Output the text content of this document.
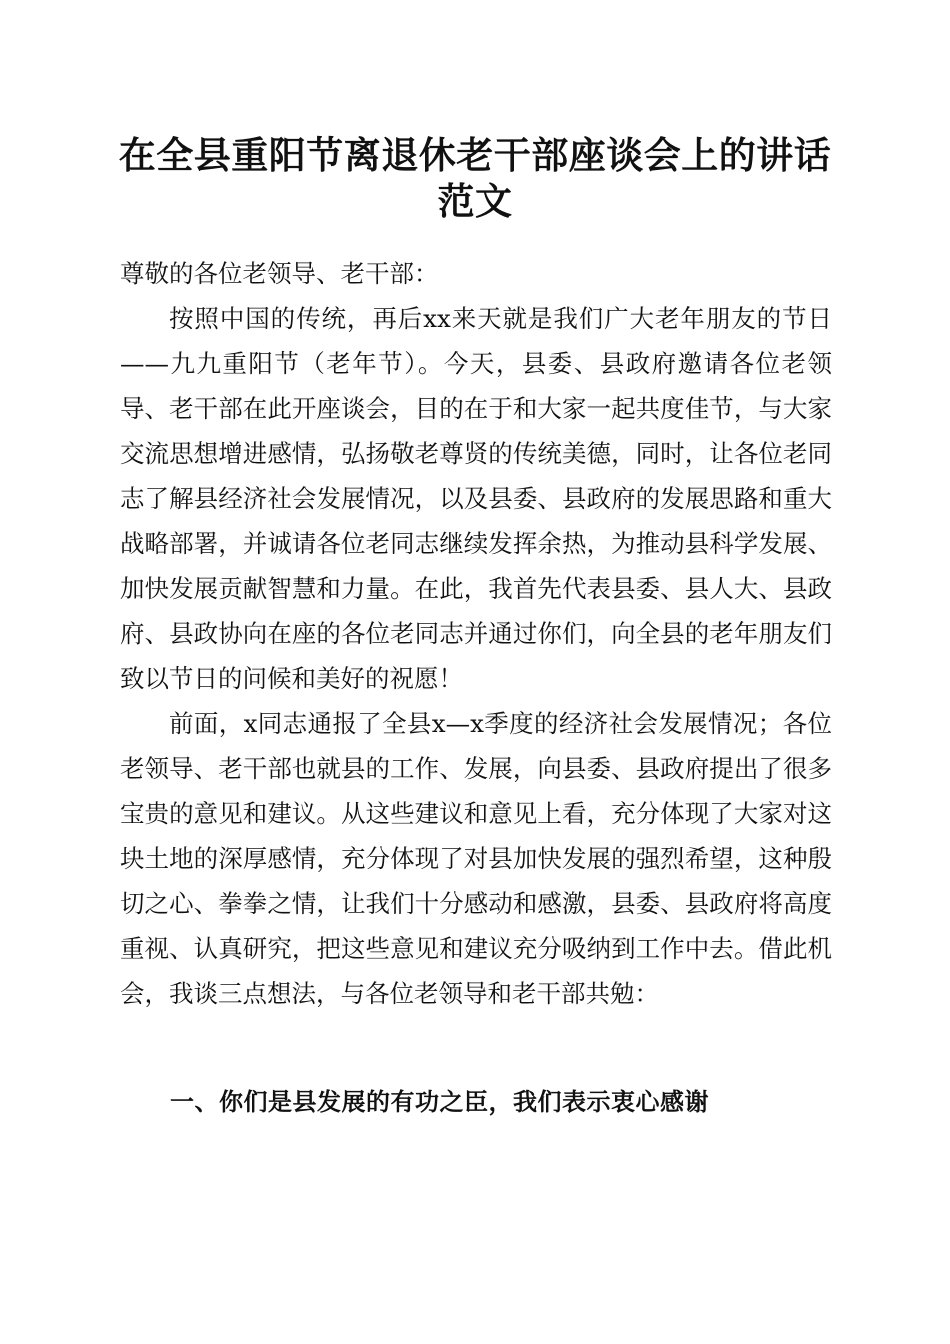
在全县重阳节离退休老干部座谈会上的讲话范文

尊敬的各位老领导、老干部：

按照中国的传统，再后xx来天就是我们广大老年朋友的节日——九九重阳节（老年节）。今天，县委、县政府邀请各位老领导、老干部在此开座谈会，目的在于和大家一起共度佳节，与大家交流思想增进感情，弘扬敬老尊贤的传统美德，同时，让各位老同志了解县经济社会发展情况，以及县委、县政府的发展思路和重大战略部署，并诚请各位老同志继续发挥余热，为推动县科学发展、加快发展贡献智慧和力量。在此，我首先代表县委、县人大、县政府、县政协向在座的各位老同志并通过你们，向全县的老年朋友们致以节日的问候和美好的祝愿！

前面，x同志通报了全县x—x季度的经济社会发展情况；各位老领导、老干部也就县的工作、发展，向县委、县政府提出了很多宝贵的意见和建议。从这些建议和意见上看，充分体现了大家对这块土地的深厚感情，充分体现了对县加快发展的强烈希望，这种殷切之心、拳拳之情，让我们十分感动和感激，县委、县政府将高度重视、认真研究，把这些意见和建议充分吸纳到工作中去。借此机会，我谈三点想法，与各位老领导和老干部共勉：

一、你们是县发展的有功之臣，我们表示衷心感谢
